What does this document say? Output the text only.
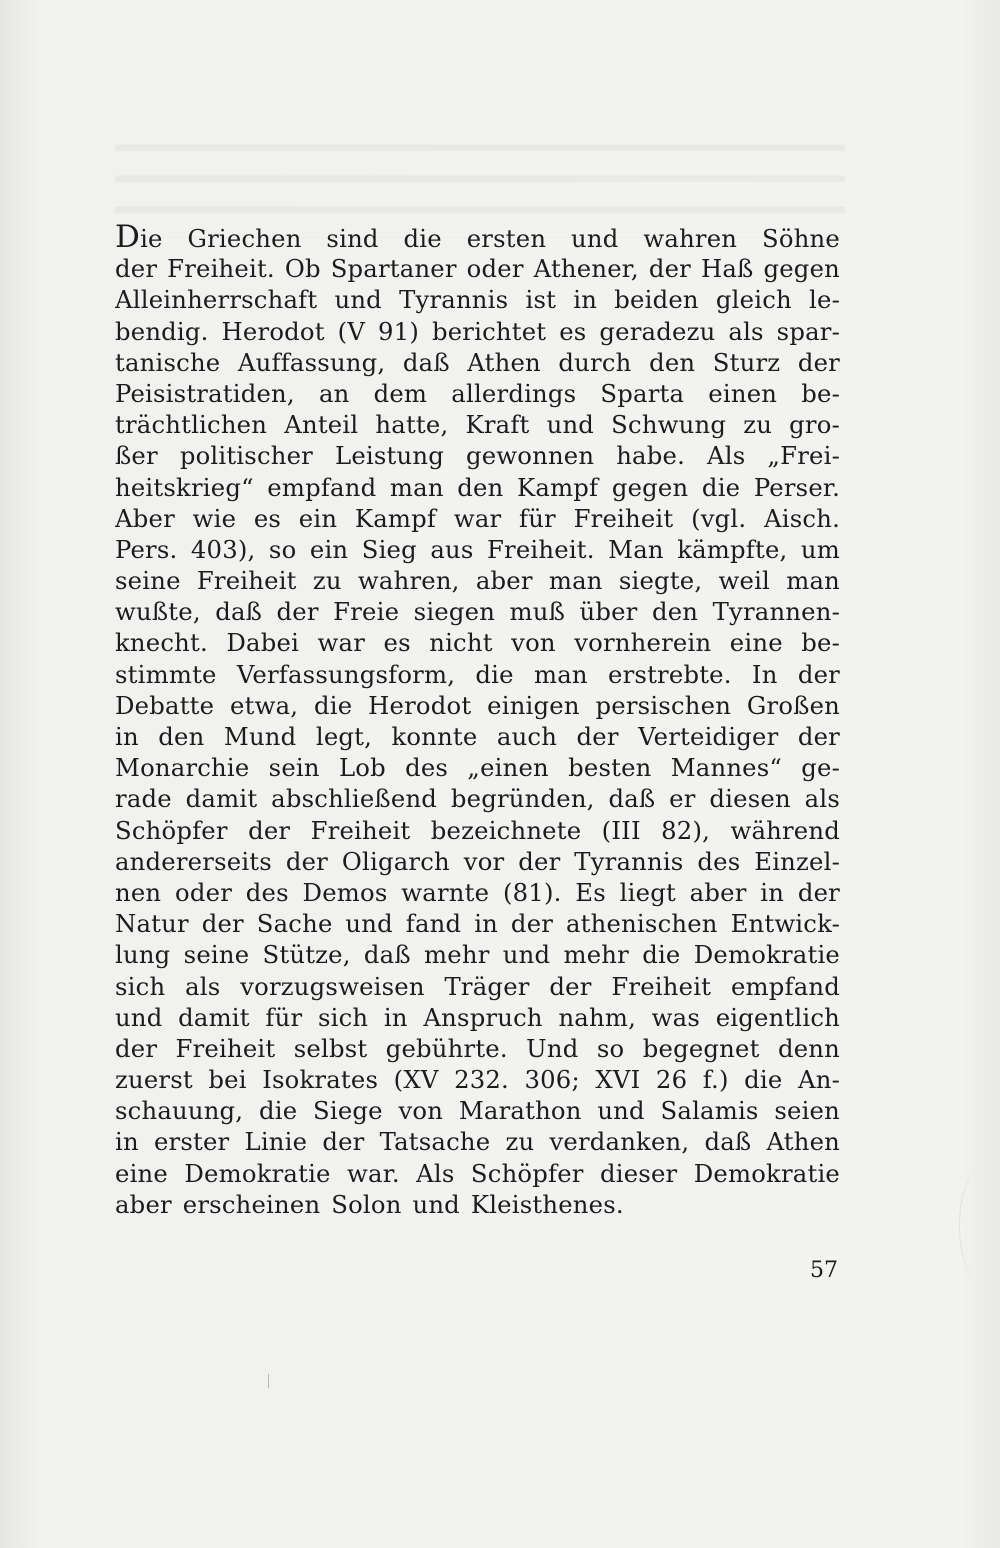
Die Griechen sind die ersten und wahren Söhne
der Freiheit. Ob Spartaner oder Athener, der Haß gegen
Alleinherrschaft und Tyrannis ist in beiden gleich le-
bendig. Herodot (V 91) berichtet es geradezu als spar-
tanische Auffassung, daß Athen durch den Sturz der
Peisistratiden, an dem allerdings Sparta einen be-
trächtlichen Anteil hatte, Kraft und Schwung zu gro-
ßer politischer Leistung gewonnen habe. Als „Frei-
heitskrieg“ empfand man den Kampf gegen die Perser.
Aber wie es ein Kampf war für Freiheit (vgl. Aisch.
Pers. 403), so ein Sieg aus Freiheit. Man kämpfte, um
seine Freiheit zu wahren, aber man siegte, weil man
wußte, daß der Freie siegen muß über den Tyrannen-
knecht. Dabei war es nicht von vornherein eine be-
stimmte Verfassungsform, die man erstrebte. In der
Debatte etwa, die Herodot einigen persischen Großen
in den Mund legt, konnte auch der Verteidiger der
Monarchie sein Lob des „einen besten Mannes“ ge-
rade damit abschließend begründen, daß er diesen als
Schöpfer der Freiheit bezeichnete (III 82), während
andererseits der Oligarch vor der Tyrannis des Einzel-
nen oder des Demos warnte (81). Es liegt aber in der
Natur der Sache und fand in der athenischen Entwick-
lung seine Stütze, daß mehr und mehr die Demokratie
sich als vorzugsweisen Träger der Freiheit empfand
und damit für sich in Anspruch nahm, was eigentlich
der Freiheit selbst gebührte. Und so begegnet denn
zuerst bei Isokrates (XV 232. 306; XVI 26 f.) die An-
schauung, die Siege von Marathon und Salamis seien
in erster Linie der Tatsache zu verdanken, daß Athen
eine Demokratie war. Als Schöpfer dieser Demokratie
aber erscheinen Solon und Kleisthenes.
57
